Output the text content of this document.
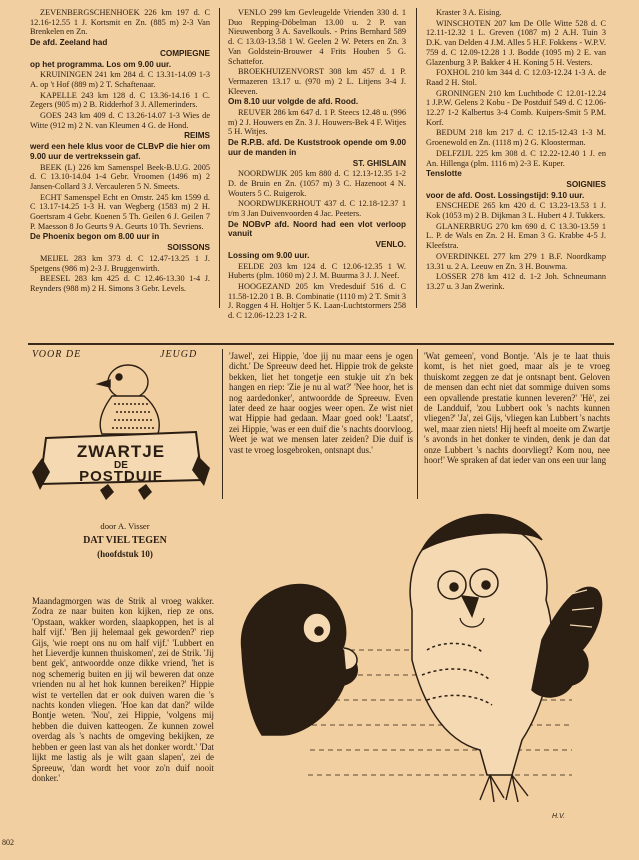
ZEVENBERGSCHENHOEK 226 km 197 d. C 12.16-12.55 1 J. Kortsmit en Zn. (885 m) 2-3 Van Brenkelen en Zn.

De afd. Zeeland had

COMPIEGNE

op het programma. Los om 9.00 uur.

KRUININGEN 241 km 284 d. C 13.31-14.09 1-3 A. op 't Hof (889 m) 2 T. Schaftenaar.

KAPELLE 243 km 128 d. C 13.36-14.16 1 C. Zegers (905 m) 2 B. Ridderhof 3 J. Allemerinders.

GOES 243 km 409 d. C 13.26-14.07 1-3 Wies de Witte (912 m) 2 N. van Kleumen 4 G. de Hond.

REIMS

werd een hele klus voor de CLBvP die hier om 9.00 uur de vertrekssein gaf.

BEEK (L) 226 km Samenspel Beek-B.U.G. 2005 d. C 13.10-14.04 1-4 Gebr. Vroomen (1496 m) 2 Jansen-Collard 3 J. Vercauleren 5 N. Smeets.

ECHT Samenspel Echt en Omstr. 245 km 1599 d. C 13.17-14.25 1-3 H. van Wegberg (1583 m) 2 H. Goertsram 4 Gebr. Koenen 5 Th. Geilen 6 J. Geilen 7 P. Maesson 8 Jo Geurts 9 A. Geurts 10 Th. Sevriens.

De Phoenix begon om 8.00 uur in

SOISSONS

MEIJEL 283 km 373 d. C 12.47-13.25 1 J. Spetgens (986 m) 2-3 J. Bruggenwirth.

BEESEL 283 km 425 d. C 12.46-13.30 1-4 J. Reynders (988 m) 2 H. Simons 3 Gebr. Levels.

VENLO 299 km Gevleugelde Vrienden 330 d. 1 Duo Repping-Döbelman 13.00 u. 2 P. van Nieuwenborg 3 A. Savelkouls. - Prins Bernhard 589 d. C 13.03-13.58 1 W. Geelen 2 W. Peters en Zn. 3 Van Goldstein-Brouwer 4 Frits Houben 5 G. Schattefor.

BROEKHUIZENVORST 308 km 457 d. 1 P. Vermazeren 13.17 u. (970 m) 2 L. Litjens 3-4 J. Kleeven.

Om 8.10 uur volgde de afd. Rood.

REUVER 286 km 647 d. 1 P. Steecs 12.48 u. (996 m) 2 J. Houwers en Zn. 3 J. Houwers-Bek 4 F. Witjes 5 H. Witjes.

De R.P.B. afd. De Kuststrook opende om 9.00 uur de manden in

ST. GHISLAIN

NOORDWIJK 205 km 880 d. C 12.13-12.35 1-2 D. de Bruin en Zn. (1057 m) 3 C. Hazenoot 4 N. Wouters 5 C. Ruigerok.

NOORDWIJKERHOUT 437 d. C 12.18-12.37 1 t/m 3 Jan Duivenvoorden 4 Jac. Peeters.

De NOBvP afd. Noord had een vlot verloop vanuit

VENLO.

Lossing om 9.00 uur.

EELDE 203 km 124 d. C 12.06-12.35 1 W. Huberts (plm. 1060 m) 2 J. M. Buurma 3 J. J. Neef.

HOOGEZAND 205 km Vredesduif 516 d. C 11.58-12.20 1 B. B. Combinatie (1110 m) 2 T. Smit 3 J. Roggen 4 H. Holtjer 5 K. Laan-Luchtstormers 258 d. C 12.06-12.23 1-2 R.

Kraster 3 A. Eising.

WINSCHOTEN 207 km De Olle Witte 528 d. C 12.11-12.32 1 L. Greven (1087 m) 2 A.H. Tuin 3 D.K. van Delden 4 J.M. Alles 5 H.F. Fokkens - W.P.V. 759 d. C 12.09-12.28 1 J. Bodde (1095 m) 2 E. van Glazenburg 3 P. Bakker 4 H. Koning 5 H. Vesters.

FOXHOL 210 km 344 d. C 12.03-12.24 1-3 A. de Raad 2 H. Stol.

GRONINGEN 210 km Luchtbode C 12.01-12.24 1 J.P.W. Gelens 2 Kobu - De Postduif 549 d. C 12.06-12.27 1-2 Kalbertus 3-4 Comb. Kuipers-Smit 5 P.M. Korf.

BEDUM 218 km 217 d. C 12.15-12.43 1-3 M. Groenewold en Zn. (1118 m) 2 G. Kloosterman.

DELFZIJL 225 km 308 d. C 12.22-12.40 1 J. en An. Hillenga (plm. 1116 m) 2-3 E. Kuper.

Tenslotte

SOIGNIES

voor de afd. Oost. Lossingstijd: 9.10 uur.

ENSCHEDE 265 km 420 d. C 13.23-13.53 1 J. Kok (1053 m) 2 B. Dijkman 3 L. Hubert 4 J. Tukkers.

GLANERBRUG 270 km 690 d. C 13.30-13.59 1 L. P. de Wals en Zn. 2 H. Eman 3 G. Krabbe 4-5 J. Kleefstra.

OVERDINKEL 277 km 279 1 B.F. Noordkamp 13.31 u. 2 A. Leeuw en Zn. 3 H. Bouwma.

LOSSER 278 km 412 d. 1-2 Joh. Schneumann 13.27 u. 3 Jan Zwerink.

VOOR DE	JEUGD
ZWARTJE
DE
POSTDUIF
door A. Visser
DAT VIEL TEGEN
(hoofdstuk 10)

Maandagmorgen was de Strik al vroeg wakker. Zodra ze naar buiten kon kijken, riep ze ons. 'Opstaan, wakker worden, slaapkoppen, het is al half vijf.' 'Ben jij helemaal gek geworden?' riep Gijs, 'wie roept ons nu om half vijf.' 'Lubbert en het Lieverdje kunnen thuiskomen', zei de Strik. 'Jij bent gek', antwoordde onze dikke vriend, 'het is nog schemerig buiten en jij wil beweren dat onze vrienden nu al het hok kunnen bereiken?' Hippie wist te vertellen dat er ook duiven waren die 's nachts konden vliegen. 'Hoe kan dat dan?' wilde Bontje weten. 'Nou', zei Hippie, 'volgens mij hebben die duiven katteogen. Ze kunnen zowel overdag als 's nachts de omgeving bekijken, ze hebben er geen last van als het donker wordt.' 'Dat lijkt me lastig als je wilt gaan slapen', zei de Spreeuw, 'dan wordt het voor zo'n duif nooit donker.'

'Jawel', zei Hippie, 'doe jij nu maar eens je ogen dicht.' De Spreeuw deed het. Hippie trok de gekste bekken, liet het tongetje een stukje uit z'n bek hangen en riep: 'Zie je nu al wat?' 'Nee hoor, het is nog aardedonker', antwoordde de Spreeuw. Even later deed ze haar oogjes weer open. Ze wist niet wat Hippie had gedaan. Maar goed ook! 'Laatst', zei Hippie, 'was er een duif die 's nachts doorvloog. Weet je wat we mensen later zeiden? Die duif is vast te vroeg losgebroken, ontsnapt dus.'

'Wat gemeen', vond Bontje. 'Als je te laat thuis komt, is het niet goed, maar als je te vroeg thuiskomt zeggen ze dat je ontsnapt bent. Geloven de mensen dan echt niet dat sommige duiven soms een opvallende prestatie kunnen leveren?' 'Hè', zei de Landduif, 'zou Lubbert ook 's nachts kunnen vliegen?' 'Ja', zei Gijs, 'vliegen kan Lubbert 's nachts wel, maar zien niets! Hij heeft al moeite om Zwartje 's avonds in het donker te vinden, denk je dan dat onze Lubbert 's nachts doorvliegt? Kom nou, nee hoor!' We spraken af dat ieder van ons een uur lang

H.V.
802
